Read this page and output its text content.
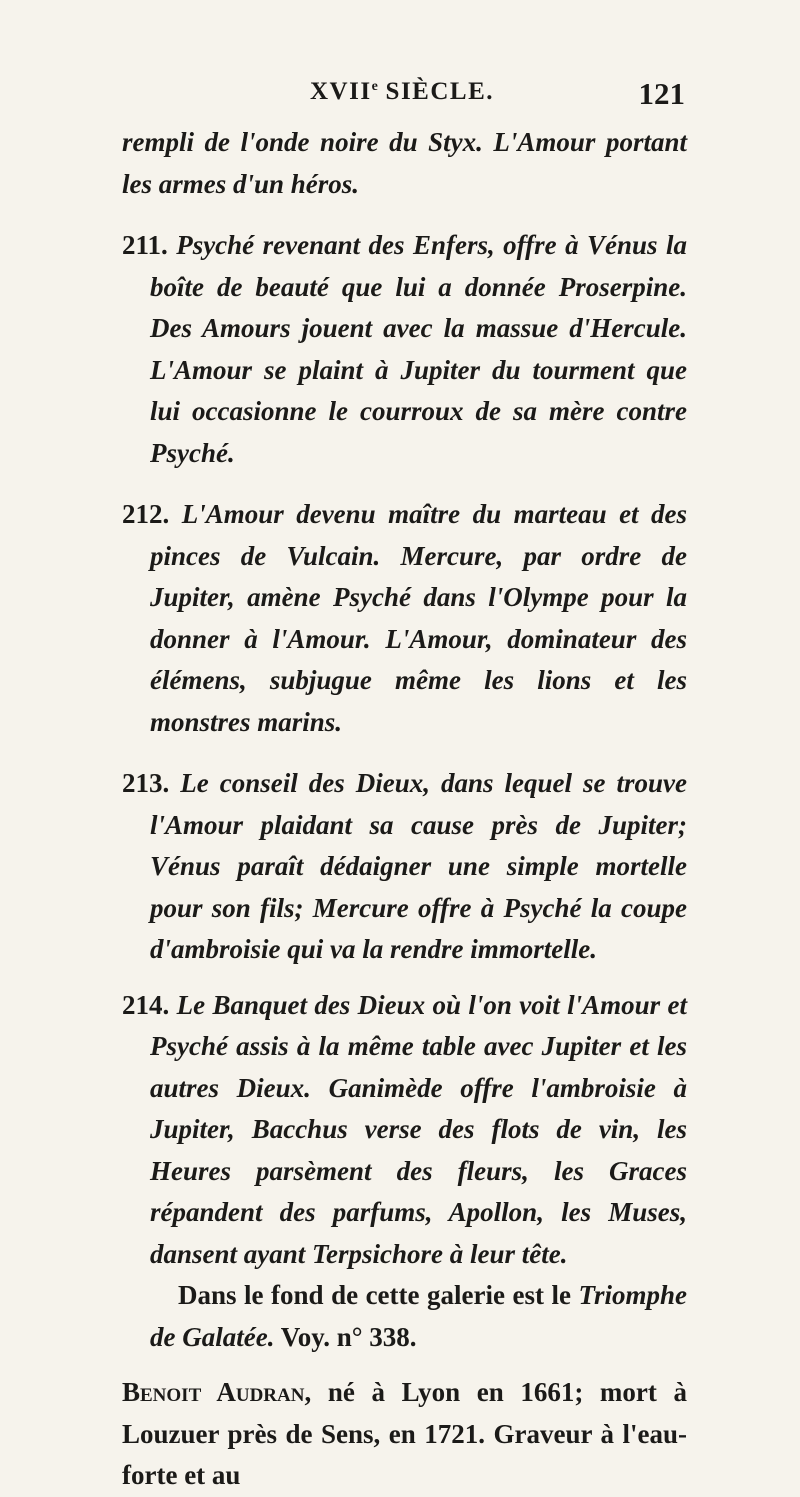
XVIIe SIÈCLE.	121

rempli de l'onde noire du Styx. L'Amour portant les armes d'un héros.

211. Psyché revenant des Enfers, offre à Vénus la boîte de beauté que lui a donnée Proserpine. Des Amours jouent avec la massue d'Hercule. L'Amour se plaint à Jupiter du tourment que lui occasionne le courroux de sa mère contre Psyché.

212. L'Amour devenu maître du marteau et des pinces de Vulcain. Mercure, par ordre de Jupiter, amène Psyché dans l'Olympe pour la donner à l'Amour. L'Amour, dominateur des élémens, subjugue même les lions et les monstres marins.

213. Le conseil des Dieux, dans lequel se trouve l'Amour plaidant sa cause près de Jupiter; Vénus paraît dédaigner une simple mortelle pour son fils; Mercure offre à Psyché la coupe d'ambroisie qui va la rendre immortelle.

214. Le Banquet des Dieux où l'on voit l'Amour et Psyché assis à la même table avec Jupiter et les autres Dieux. Ganimède offre l'ambroisie à Jupiter, Bacchus verse des flots de vin, les Heures parsèment des fleurs, les Graces répandent des parfums, Apollon, les Muses, dansent ayant Terpsichore à leur tête.

Dans le fond de cette galerie est le Triomphe de Galatée. Voy. n° 338.

Benoit Audran, né à Lyon en 1661; mort à Louzuer près de Sens, en 1721. Graveur à l'eau-forte et au
